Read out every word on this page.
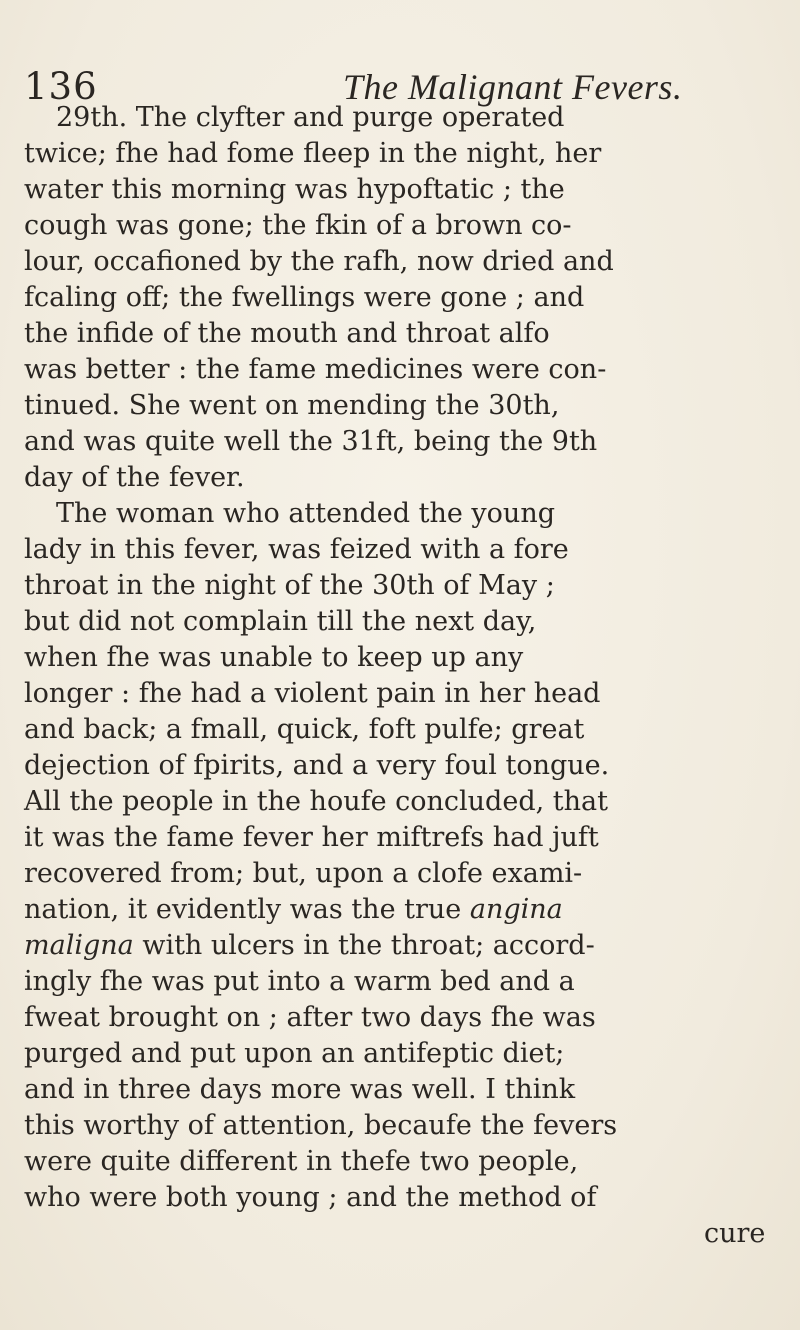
136	The Malignant Fevers.
29th. The clyfter and purge operated
twice; fhe had fome fleep in the night, her
water this morning was hypoftatic ; the
cough was gone; the fkin of a brown co-
lour, occafioned by the rafh, now dried and
fcaling off; the fwellings were gone ; and
the infide of the mouth and throat alfo
was better : the fame medicines were con-
tinued. She went on mending the 30th,
and was quite well the 31ft, being the 9th
day of the fever.
The woman who attended the young
lady in this fever, was feized with a fore
throat in the night of the 30th of May ;
but did not complain till the next day,
when fhe was unable to keep up any
longer : fhe had a violent pain in her head
and back; a fmall, quick, foft pulfe; great
dejection of fpirits, and a very foul tongue.
All the people in the houfe concluded, that
it was the fame fever her miftrefs had juft
recovered from; but, upon a clofe exami-
nation, it evidently was the true angina
maligna with ulcers in the throat; accord-
ingly fhe was put into a warm bed and a
fweat brought on ; after two days fhe was
purged and put upon an antifeptic diet;
and in three days more was well. I think
this worthy of attention, becaufe the fevers
were quite different in thefe two people,
who were both young ; and the method of
cure
